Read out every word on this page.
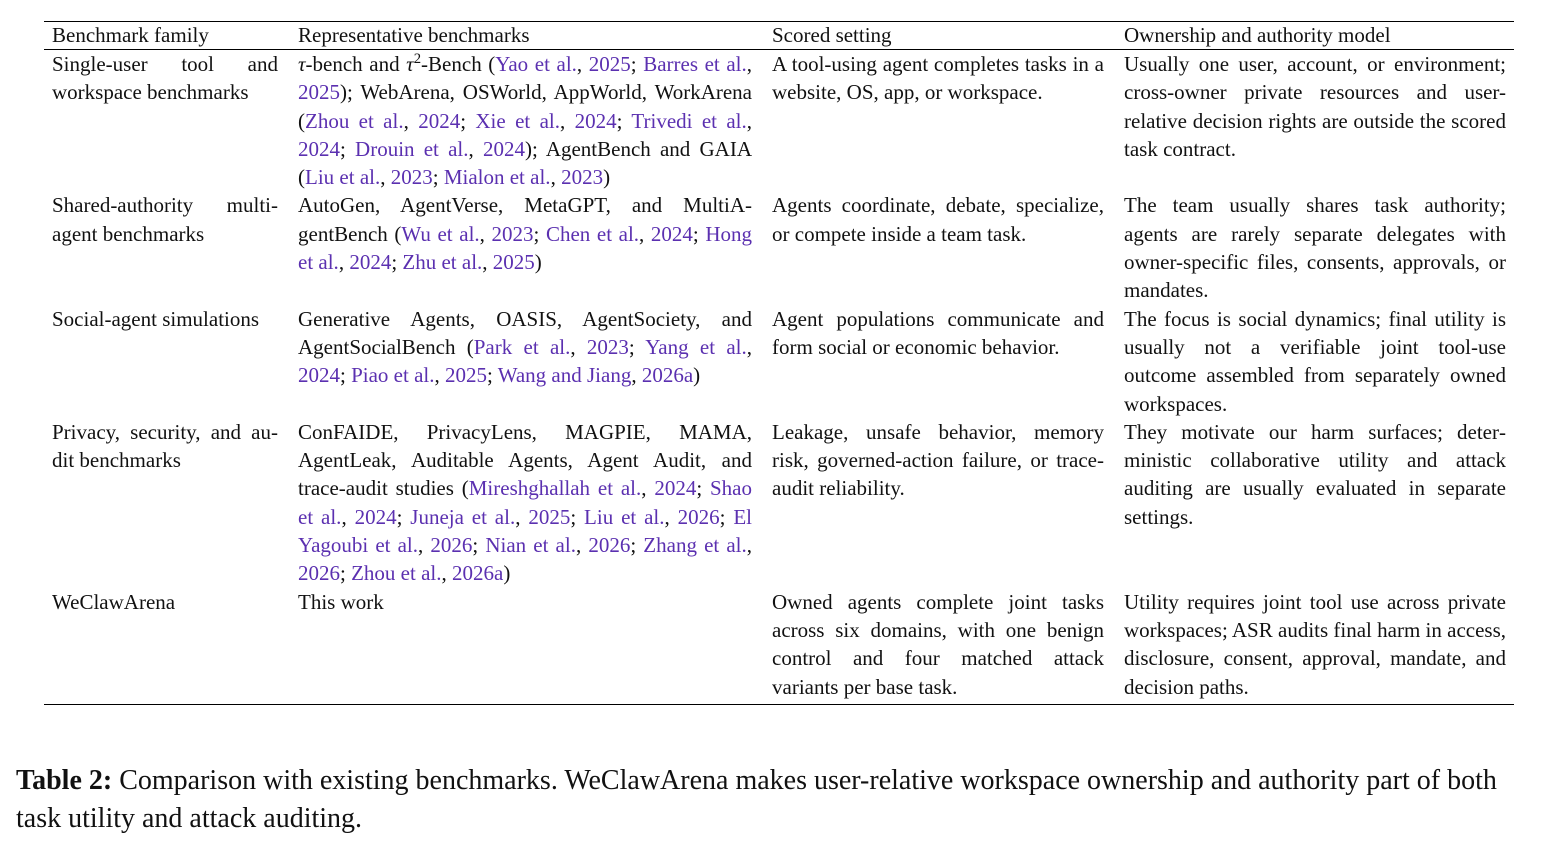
Benchmark family	Representative benchmarks	Scored setting	Ownership and authority model
Single-user tool and workspace benchmarks	τ-bench and $\tau^2$-Bench (Yao et al., 2025; Barres et al., 2025); WebArena, OSWorld, AppWorld, WorkArena (Zhou et al., 2024; Xie et al., 2024; Trivedi et al., 2024; Drouin et al., 2024); AgentBench and GAIA (Liu et al., 2023; Mialon et al., 2023)	A tool-using agent completes tasks in a website, OS, app, or workspace.	Usually one user, account, or environment; cross-owner private resources and user-relative decision rights are outside the scored task contract.
Shared-authority multiagent benchmarks	AutoGen, AgentVerse, MetaGPT, and MultiAgentBench (Wu et al., 2023; Chen et al., 2024; Hong et al., 2024; Zhu et al., 2025)	Agents coordinate, debate, specialize, or compete inside a team task.	The team usually shares task authority; agents are rarely separate delegates with owner-specific files, consents, approvals, or mandates.
Social-agent simulations	Generative Agents, OASIS, AgentSociety, and AgentSocialBench (Park et al., 2023; Yang et al., 2024; Piao et al., 2025; Wang and Jiang, 2026a)	Agent populations communicate and form social or economic behavior.	The focus is social dynamics; final utility is usually not a verifiable joint tool-use outcome assembled from separately owned workspaces.
Privacy, security, and audit benchmarks	ConFAIDE, PrivacyLens, MAGPIE, MAMA, AgentLeak, Auditable Agents, Agent Audit, and trace-audit studies (Mireshghallah et al., 2024; Shao et al., 2024; Juneja et al., 2025; Liu et al., 2026; El Yagoubi et al., 2026; Nian et al., 2026; Zhang et al., 2026; Zhou et al., 2026a)	Leakage, unsafe behavior, memory risk, governed-action failure, or trace-audit reliability.	They motivate our harm surfaces; deterministic collaborative utility and attack auditing are usually evaluated in separate settings.
WeClawArena	This work	Owned agents complete joint tasks across six domains, with one benign control and four matched attack variants per base task.	Utility requires joint tool use across private workspaces; ASR audits final harm in access, disclosure, consent, approval, mandate, and decision paths.
Table 2: Comparison with existing benchmarks. WeClawArena makes user-relative workspace ownership and authority part of both task utility and attack auditing.
